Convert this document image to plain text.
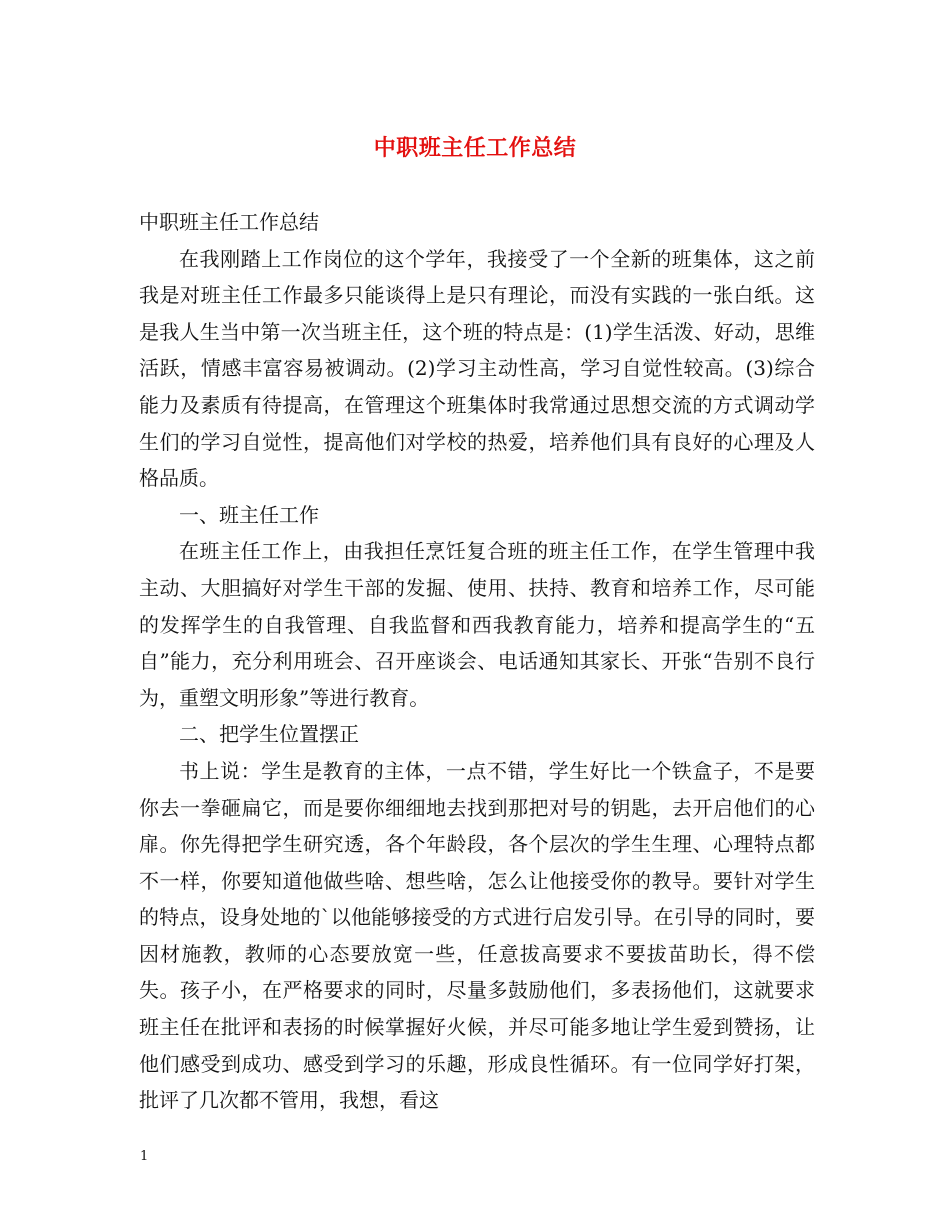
中职班主任工作总结

中职班主任工作总结

在我刚踏上工作岗位的这个学年，我接受了一个全新的班集体，这之前我是对班主任工作最多只能谈得上是只有理论，而没有实践的一张白纸。这是我人生当中第一次当班主任，这个班的特点是：(1)学生活泼、好动，思维活跃，情感丰富容易被调动。(2)学习主动性高，学习自觉性较高。(3)综合能力及素质有待提高，在管理这个班集体时我常通过思想交流的方式调动学生们的学习自觉性，提高他们对学校的热爱，培养他们具有良好的心理及人格品质。

一、班主任工作

在班主任工作上，由我担任烹饪复合班的班主任工作，在学生管理中我主动、大胆搞好对学生干部的发掘、使用、扶持、教育和培养工作，尽可能的发挥学生的自我管理、自我监督和西我教育能力，培养和提高学生的“五自”能力，充分利用班会、召开座谈会、电话通知其家长、开张“告别不良行为，重塑文明形象”等进行教育。

二、把学生位置摆正

书上说：学生是教育的主体，一点不错，学生好比一个铁盒子，不是要你去一拳砸扁它，而是要你细细地去找到那把对号的钥匙，去开启他们的心扉。你先得把学生研究透，各个年龄段，各个层次的学生生理、心理特点都不一样，你要知道他做些啥、想些啥，怎么让他接受你的教导。要针对学生的特点，设身处地的`以他能够接受的方式进行启发引导。在引导的同时，要因材施教，教师的心态要放宽一些，任意拔高要求不要拔苗助长，得不偿失。孩子小，在严格要求的同时，尽量多鼓励他们，多表扬他们，这就要求班主任在批评和表扬的时候掌握好火候，并尽可能多地让学生爱到赞扬，让他们感受到成功、感受到学习的乐趣，形成良性循环。有一位同学好打架，批评了几次都不管用，我想，看这

1
